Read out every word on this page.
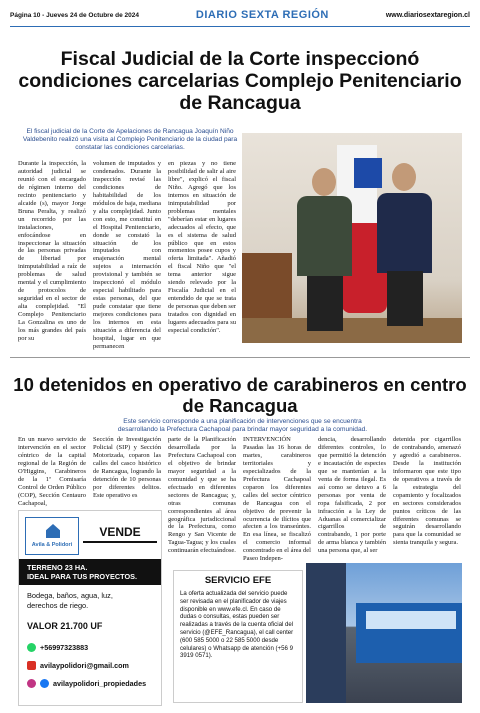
Página 10 - Jueves 24 de Octubre de 2024	DIARIO SEXTA REGIÓN	www.diariosextaregion.cl
Fiscal Judicial de la Corte inspeccionó condiciones carcelarias Complejo Penitenciario de Rancagua

El fiscal judicial de la Corte de Apelaciones de Rancagua Joaquín Niño Valdebenito realizó una visita al Complejo Penitenciario de la ciudad para constatar las condiciones carcelarias.

Durante la inspección, la autoridad judicial se reunió con el encargado de régimen interno del recinto penitenciario y alcaide (s), mayor Jorge Bruna Peralta, y realizó un recorrido por las instalaciones, enfocándose en inspeccionar la situación de las personas privadas de libertad por inimputabilidad a raíz de problemas de salud mental y el cumplimiento de protocolos de seguridad en el sector de alta complejidad. "El Complejo Penitenciario La Gonzalina es uno de los más grandes del país por su

volumen de imputados y condenados. Durante la inspección revisé las condiciones de habitabilidad de los módulos de baja, mediana y alta complejidad. Junto con esto, me constituí en el Hospital Penitenciario, donde se constató la situación de los imputados con enajenación mental sujetos a internación provisional y también se inspeccionó el módulo especial habilitado para estas personas, del que pude constatar que tiene mejores condiciones para los internos en esta situación a diferencia del hospital, lugar en que permanecen

en piezas y no tiene posibilidad de salir al aire libre", explicó el fiscal Niño. Agregó que los internos en situación de inimputabilidad por problemas mentales "deberían estar en lugares adecuados al efecto, que es el sistema de salud público que en estos momentos posee cupos y oferta limitada". Añadió el fiscal Niño que "el tema anterior sigue siendo relevado por la Fiscalía Judicial en el entendido de que se trata de personas que deben ser tratados con dignidad en lugares adecuados para su especial condición".

10 detenidos en operativo de carabineros en centro de Rancagua

Este servicio corresponde a una planificación de intervenciones que se encuentra desarrollando la Prefectura Cachapoal para brindar mayor seguridad a la comunidad.

En un nuevo servicio de intervención en el sector céntrico de la capital regional de la Región de O'Higgins, Carabineros de la 1ª Comisaría Control de Orden Público (COP), Sección Centauro Cachapoal,

Sección de Investigación Policial (SIP) y Sección Motorizada, coparon las calles del casco histórico de Rancagua, logrando la detención de 10 personas por diferentes delitos. Este operativo es

parte de la Planificación desarrollada por la Prefectura Cachapoal con el objetivo de brindar mayor seguridad a la comunidad y que se ha efectuado en diferentes sectores de Rancagua; y, otras comunas correspondientes al área geográfica jurisdiccional de la Prefectura, como Rengo y San Vicente de Tagua-Tagua; y los cuales continuarán efectuándose.

INTERVENCIÓN Pasadas las 16 horas de martes, carabineros territoriales y especializados de la Prefectura Cachapoal coparon los diferentes calles del sector céntrico de Rancagua con el objetivo de prevenir la ocurrencia de ilícitos que afecten a los transeúntes. En esa línea, se fiscalizó el comercio informal concentrado en el área del Paseo Indepen-

dencia, desarrollando diferentes controles, lo que permitió la detención e incautación de especies que se mantenían a la venta de forma ilegal. Es así como se detuvo a 6 personas por venta de ropa falsificada, 2 por infracción a la Ley de Aduanas al comercializar cigarrillos de contrabando, 1 por porte de arma blanca y también una persona que, al ser

detenida por cigarrillos de contrabando, amenazó y agredió a carabineros. Desde la institución informaron que este tipo de operativos a través de la estrategia del copamiento y focalizados en sectores considerados puntos críticos de las diferentes comunas se seguirán desarrollando para que la comunidad se sienta tranquila y segura.

Avila & Polidori
VENDE
TERRENO 23 HA.
IDEAL PARA TUS PROYECTOS.
Bodega, baños, agua, luz,
derechos de riego.
VALOR 21.700 UF
+56997323883
avilaypolidori@gmail.com
avilaypolidori_propiedades
SERVICIO EFE

La oferta actualizada del servicio puede ser revisada en el planificador de viajes disponible en www.efe.cl. En caso de dudas o consultas, estas pueden ser realizadas a través de la cuenta oficial del servicio (@EFE_Rancagua), el call center (600 585 5000 o 22 585 5000 desde celulares) o Whatsapp de atención (+56 9 3919 0571).
